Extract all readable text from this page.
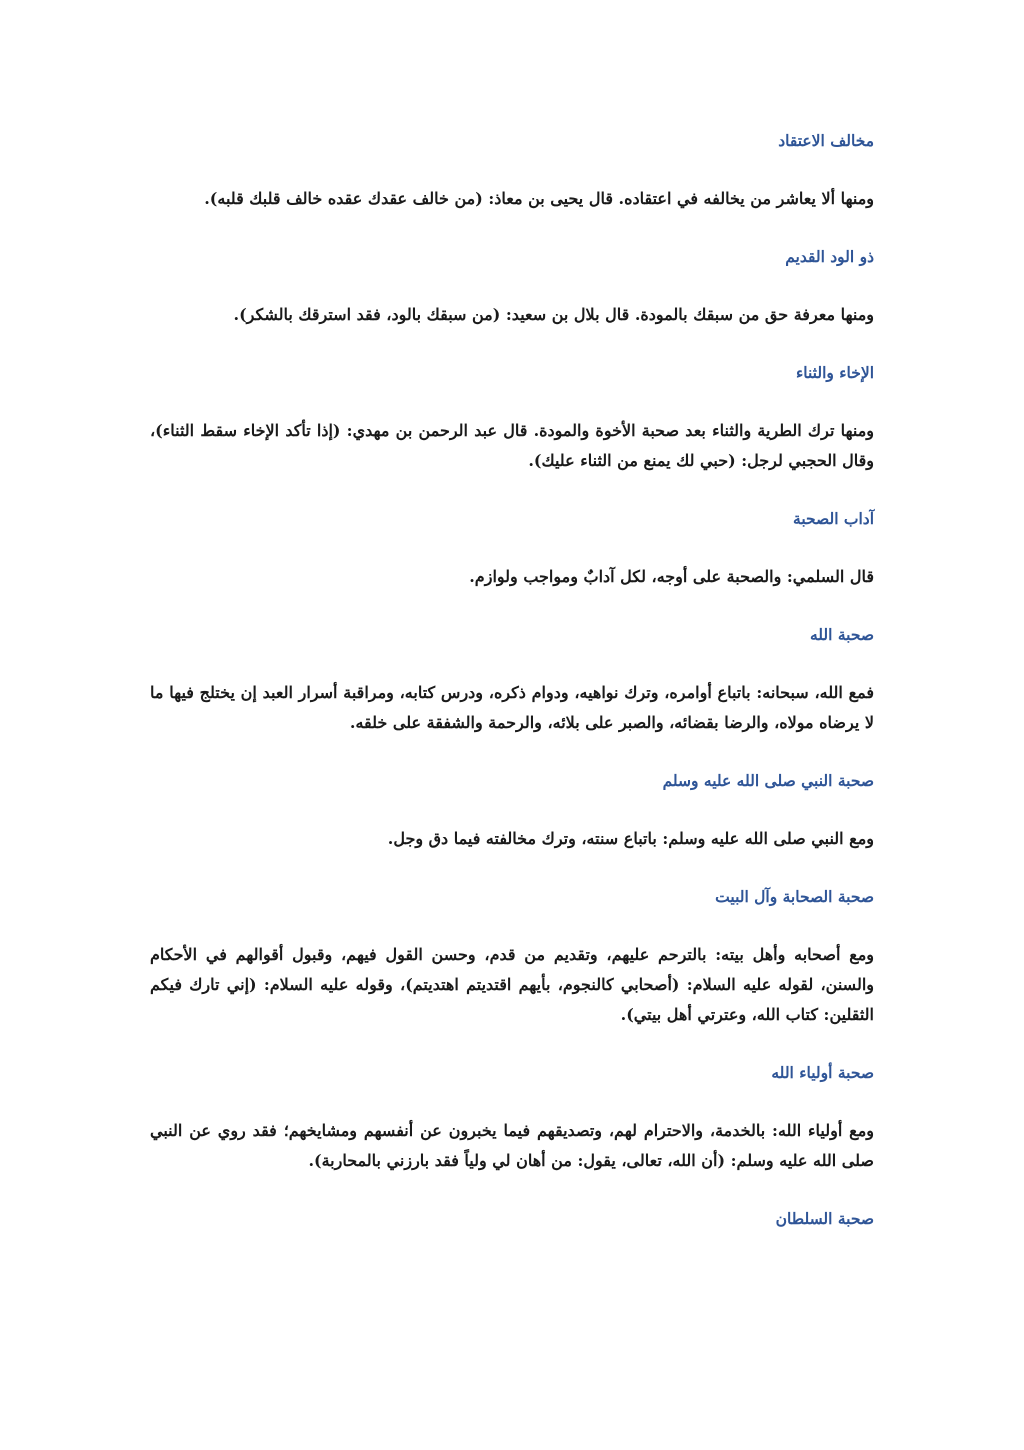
مخالف الاعتقاد
ومنها ألا يعاشر من يخالفه في اعتقاده. قال يحيى بن معاذ: (من خالف عقدك عقده خالف قلبك قلبه).
ذو الود القديم
ومنها معرفة حق من سبقك بالمودة. قال بلال بن سعيد: (من سبقك بالود، فقد استرقك بالشكر).
الإخاء والثناء
ومنها ترك الطرية والثناء بعد صحبة الأخوة والمودة. قال عبد الرحمن بن مهدي: (إذا تأكد الإخاء سقط الثناء)، وقال الحجبي لرجل: (حبي لك يمنع من الثناء عليك).
آداب الصحبة
قال السلمي: والصحبة على أوجه، لكل آدابٌ ومواجب ولوازم.
صحبة الله
فمع الله، سبحانه: باتباع أوامره، وترك نواهيه، ودوام ذكره، ودرس كتابه، ومراقبة أسرار العبد إن يختلج فيها ما لا يرضاه مولاه، والرضا بقضائه، والصبر على بلائه، والرحمة والشفقة على خلقه.
صحبة النبي صلى الله عليه وسلم
ومع النبي صلى الله عليه وسلم: باتباع سنته، وترك مخالفته فيما دق وجل.
صحبة الصحابة وآل البيت
ومع أصحابه وأهل بيته: بالترحم عليهم، وتقديم من قدم، وحسن القول فيهم، وقبول أقوالهم في الأحكام والسنن، لقوله عليه السلام: (أصحابي كالنجوم، بأيهم اقتديتم اهتديتم)، وقوله عليه السلام: (إني تارك فيكم الثقلين: كتاب الله، وعترتي أهل بيتي).
صحبة أولياء الله
ومع أولياء الله: بالخدمة، والاحترام لهم، وتصديقهم فيما يخبرون عن أنفسهم ومشايخهم؛ فقد روي عن النبي صلى الله عليه وسلم: (أن الله، تعالى، يقول: من أهان لي ولياً فقد بارزني بالمحاربة).
صحبة السلطان
